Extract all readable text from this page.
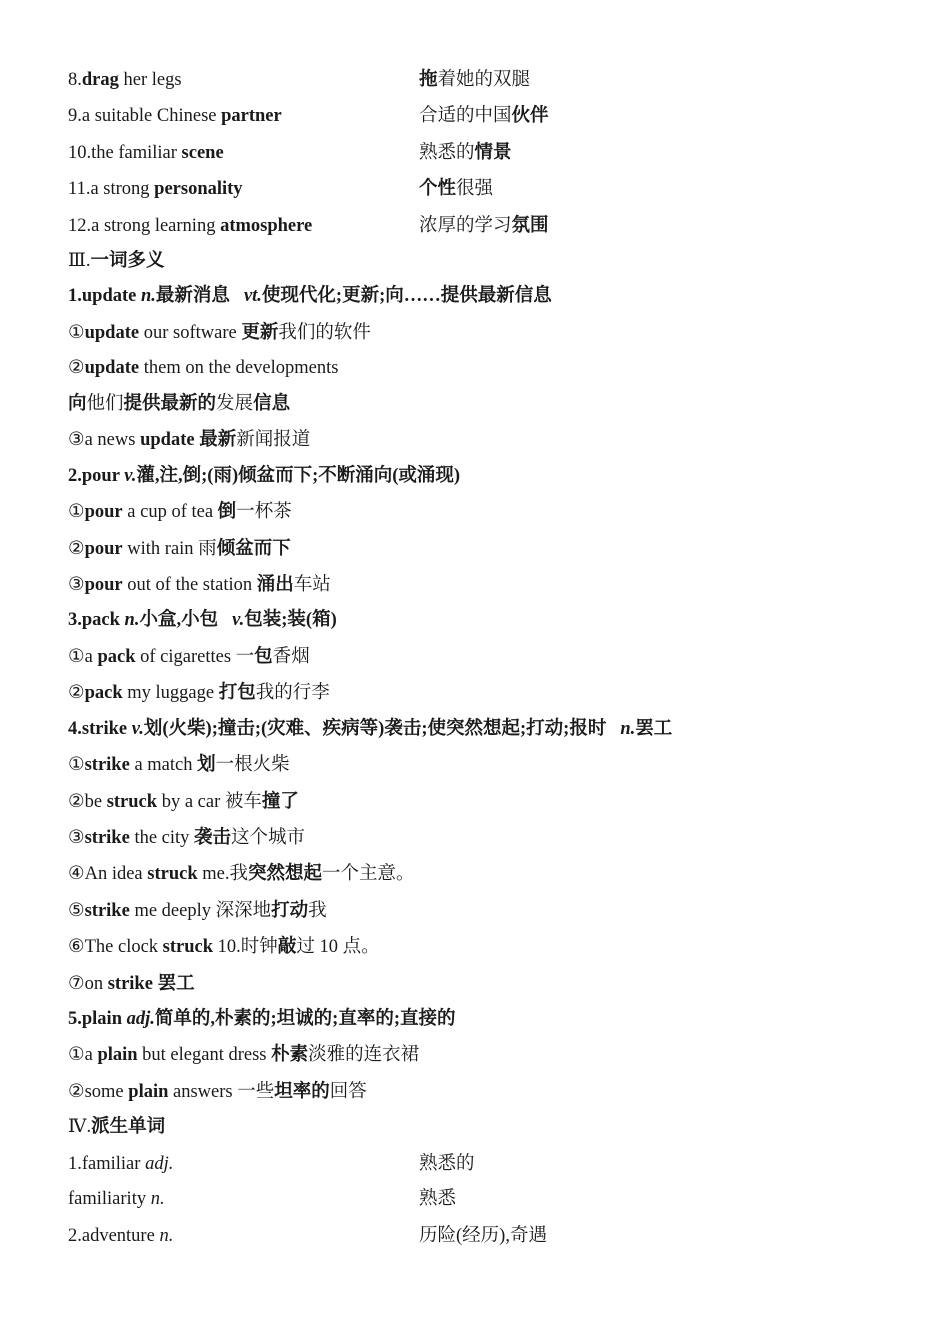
8.drag her legs	拖着她的双腿
9.a suitable Chinese partner	合适的中国伙伴
10.the familiar scene	熟悉的情景
11.a strong personality	个性很强
12.a strong learning atmosphere	浓厚的学习氛围
Ⅲ.一词多义
1.update n.最新消息 vt.使现代化;更新;向……提供最新信息
①update our software 更新我们的软件
②update them on the developments
向他们提供最新的发展信息
③a news update 最新新闻报道
2.pour v.灌,注,倒;(雨)倾盆而下;不断涌向(或涌现)
①pour a cup of tea 倒一杯茶
②pour with rain 雨倾盆而下
③pour out of the station 涌出车站
3.pack n.小盒,小包 v.包装;装(箱)
①a pack of cigarettes 一包香烟
②pack my luggage 打包我的行李
4.strike v.划(火柴);撞击;(灾难、疾病等)袭击;使突然想起;打动;报时 n.罢工
①strike a match 划一根火柴
②be struck by a car 被车撞了
③strike the city 袭击这个城市
④An idea struck me.我突然想起一个主意。
⑤strike me deeply 深深地打动我
⑥The clock struck 10.时钟敲过 10 点。
⑦on strike 罢工
5.plain adj.简单的,朴素的;坦诚的;直率的;直接的
①a plain but elegant dress 朴素淡雅的连衣裙
②some plain answers 一些坦率的回答
Ⅳ.派生单词
1.familiar adj.	熟悉的
familiarity n.	熟悉
2.adventure n.	历险(经历),奇遇
